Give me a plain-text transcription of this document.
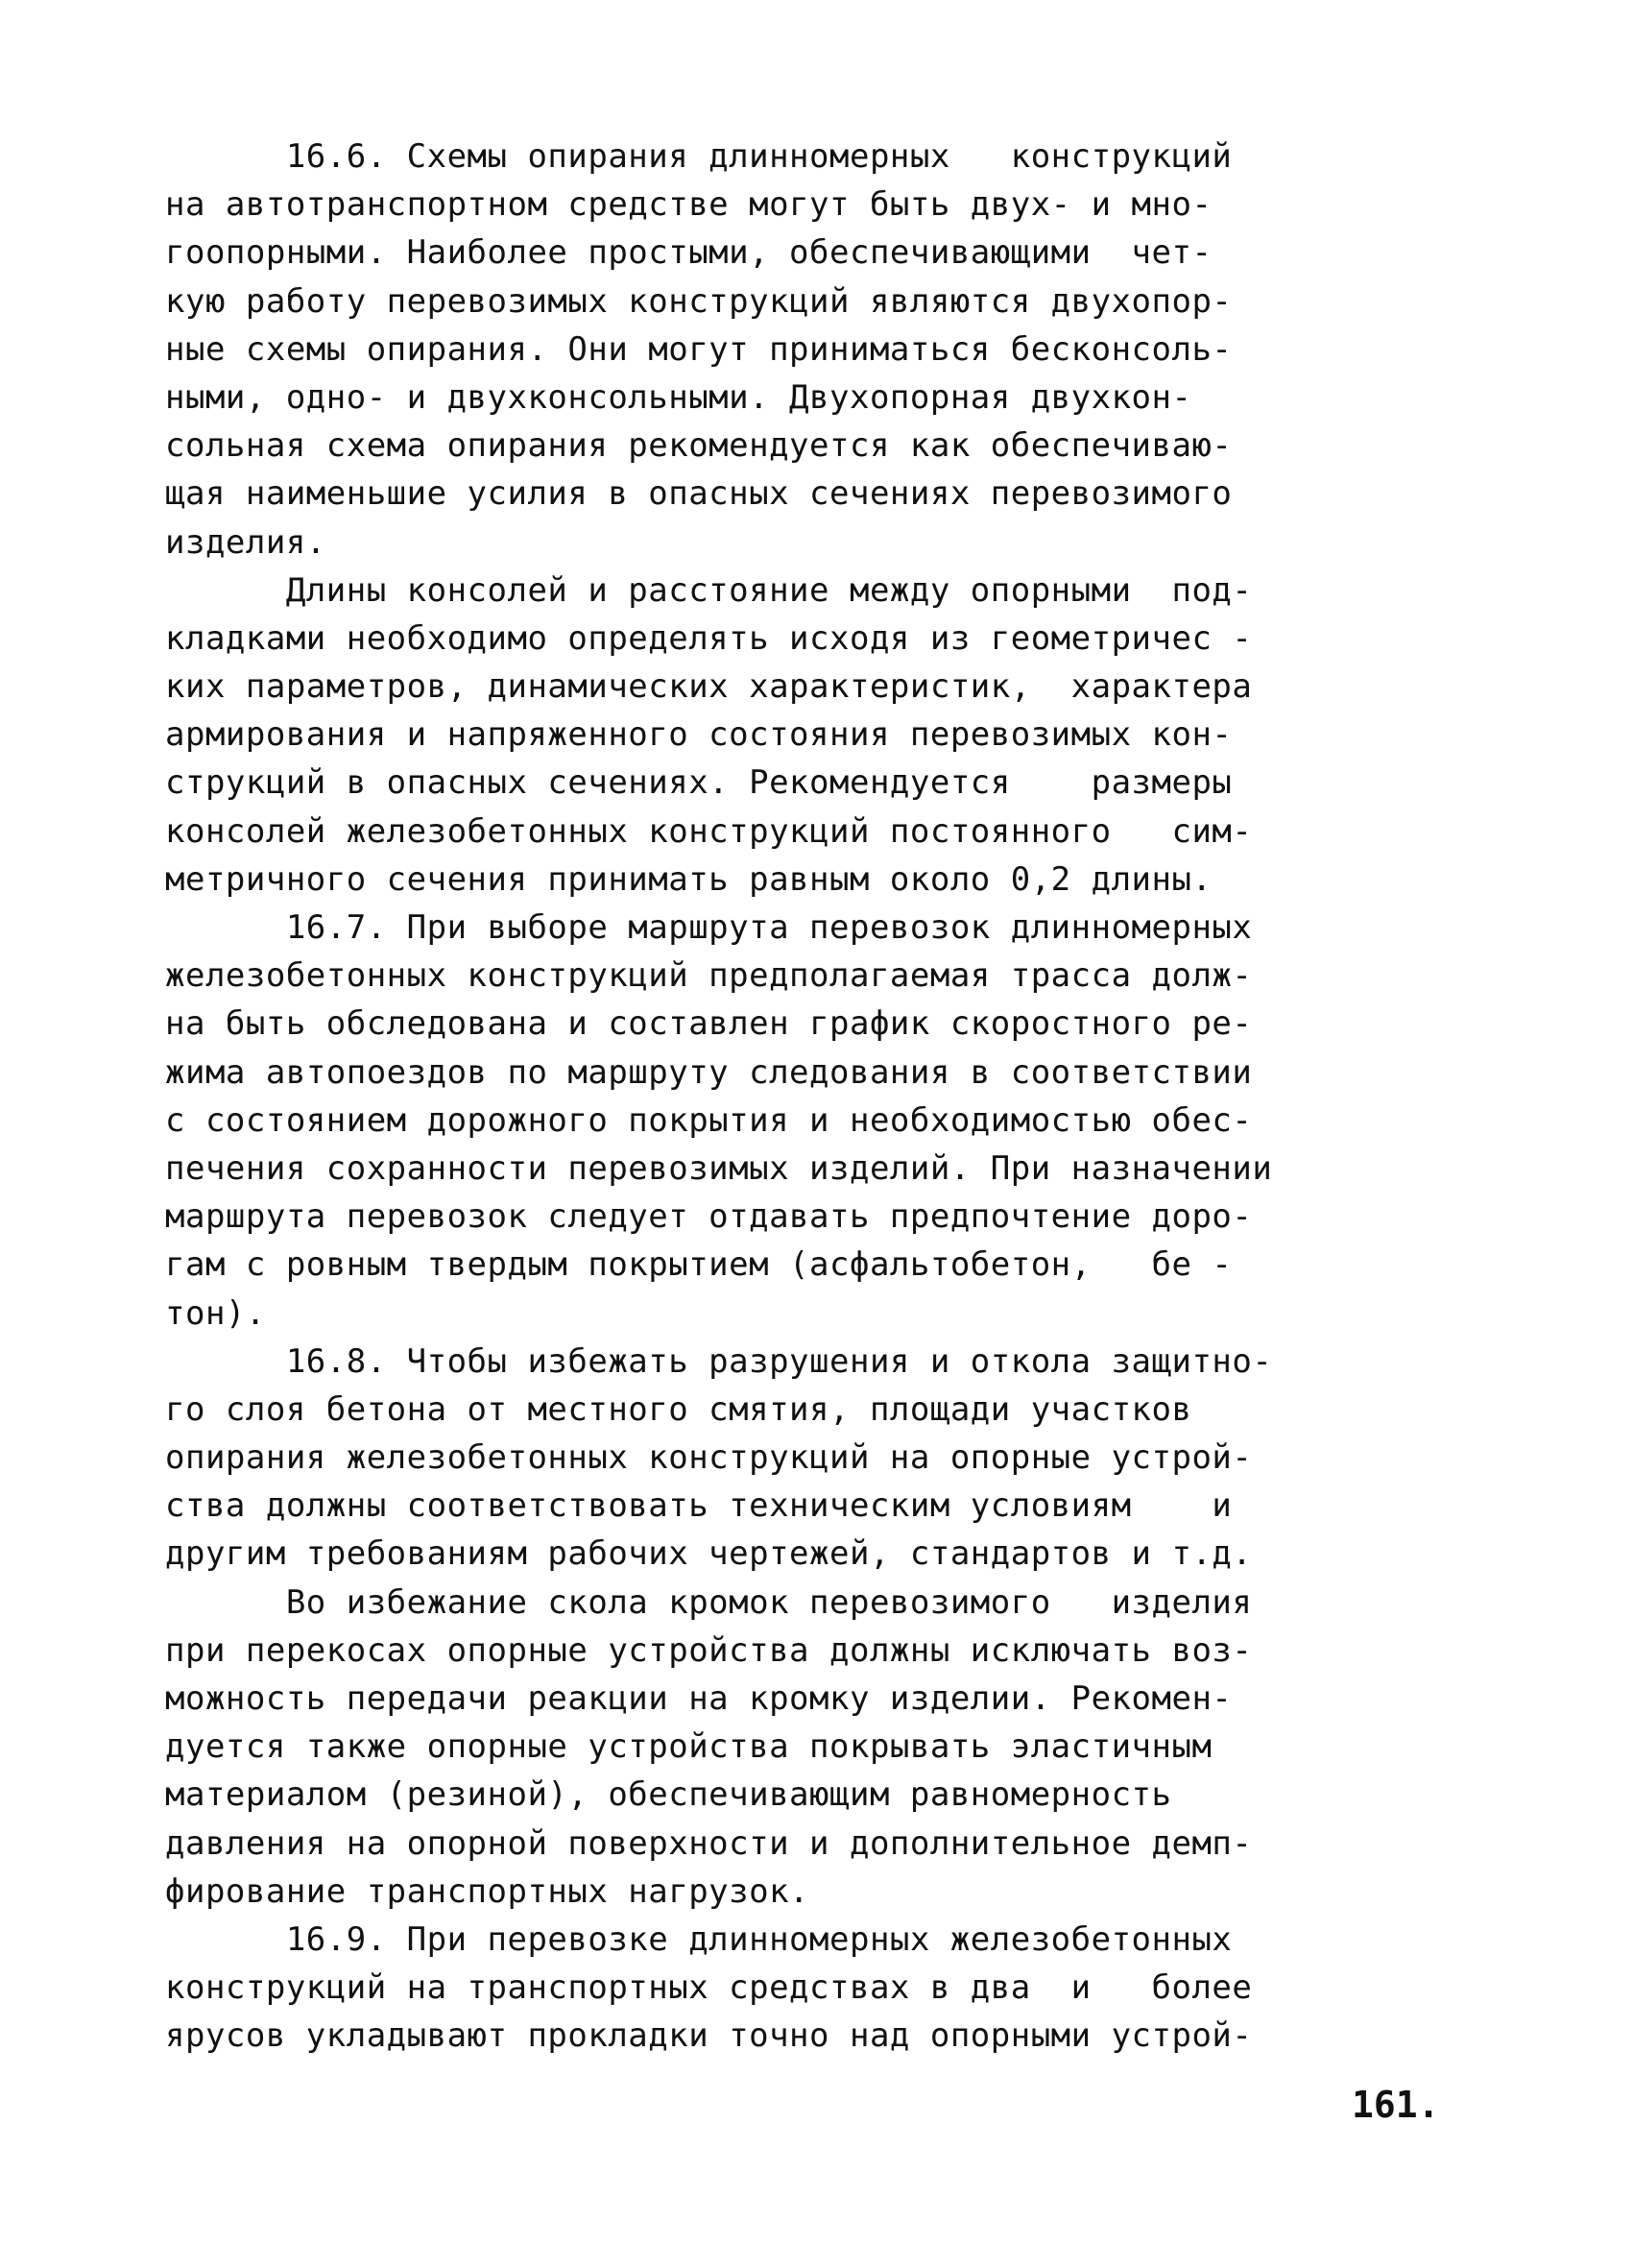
16.6. Схемы опирания длинномерных   конструкций
на автотранспортном средстве могут быть двух- и мно-
гоопорными. Наиболее простыми, обеспечивающими  чет-
кую работу перевозимых конструкций являются двухопор-
ные схемы опирания. Они могут приниматься бесконсоль-
ными, одно- и двухконсольными. Двухопорная двухкон-
сольная схема опирания рекомендуется как обеспечиваю-
щая наименьшие усилия в опасных сечениях перевозимого
изделия.
Длины консолей и расстояние между опорными  под-
кладками необходимо определять исходя из геометричес -
ких параметров, динамических характеристик,  характера
армирования и напряженного состояния перевозимых кон-
струкций в опасных сечениях. Рекомендуется    размеры
консолей железобетонных конструкций постоянного   сим-
метричного сечения принимать равным около 0,2 длины.
16.7. При выборе маршрута перевозок длинномерных
железобетонных конструкций предполагаемая трасса долж-
на быть обследована и составлен график скоростного ре-
жима автопоездов по маршруту следования в соответствии
с состоянием дорожного покрытия и необходимостью обес-
печения сохранности перевозимых изделий. При назначении
маршрута перевозок следует отдавать предпочтение доро-
гам с ровным твердым покрытием (асфальтобетон,   бе -
тон).
16.8. Чтобы избежать разрушения и откола защитно-
го слоя бетона от местного смятия, площади участков
опирания железобетонных конструкций на опорные устрой-
ства должны соответствовать техническим условиям    и
другим требованиям рабочих чертежей, стандартов и т.д.
Во избежание скола кромок перевозимого   изделия
при перекосах опорные устройства должны исключать воз-
можность передачи реакции на кромку изделии. Рекомен-
дуется также опорные устройства покрывать эластичным
материалом (резиной), обеспечивающим равномерность
давления на опорной поверхности и дополнительное демп-
фирование транспортных нагрузок.
16.9. При перевозке длинномерных железобетонных
конструкций на транспортных средствах в два  и   более
ярусов укладывают прокладки точно над опорными устрой-
161.
